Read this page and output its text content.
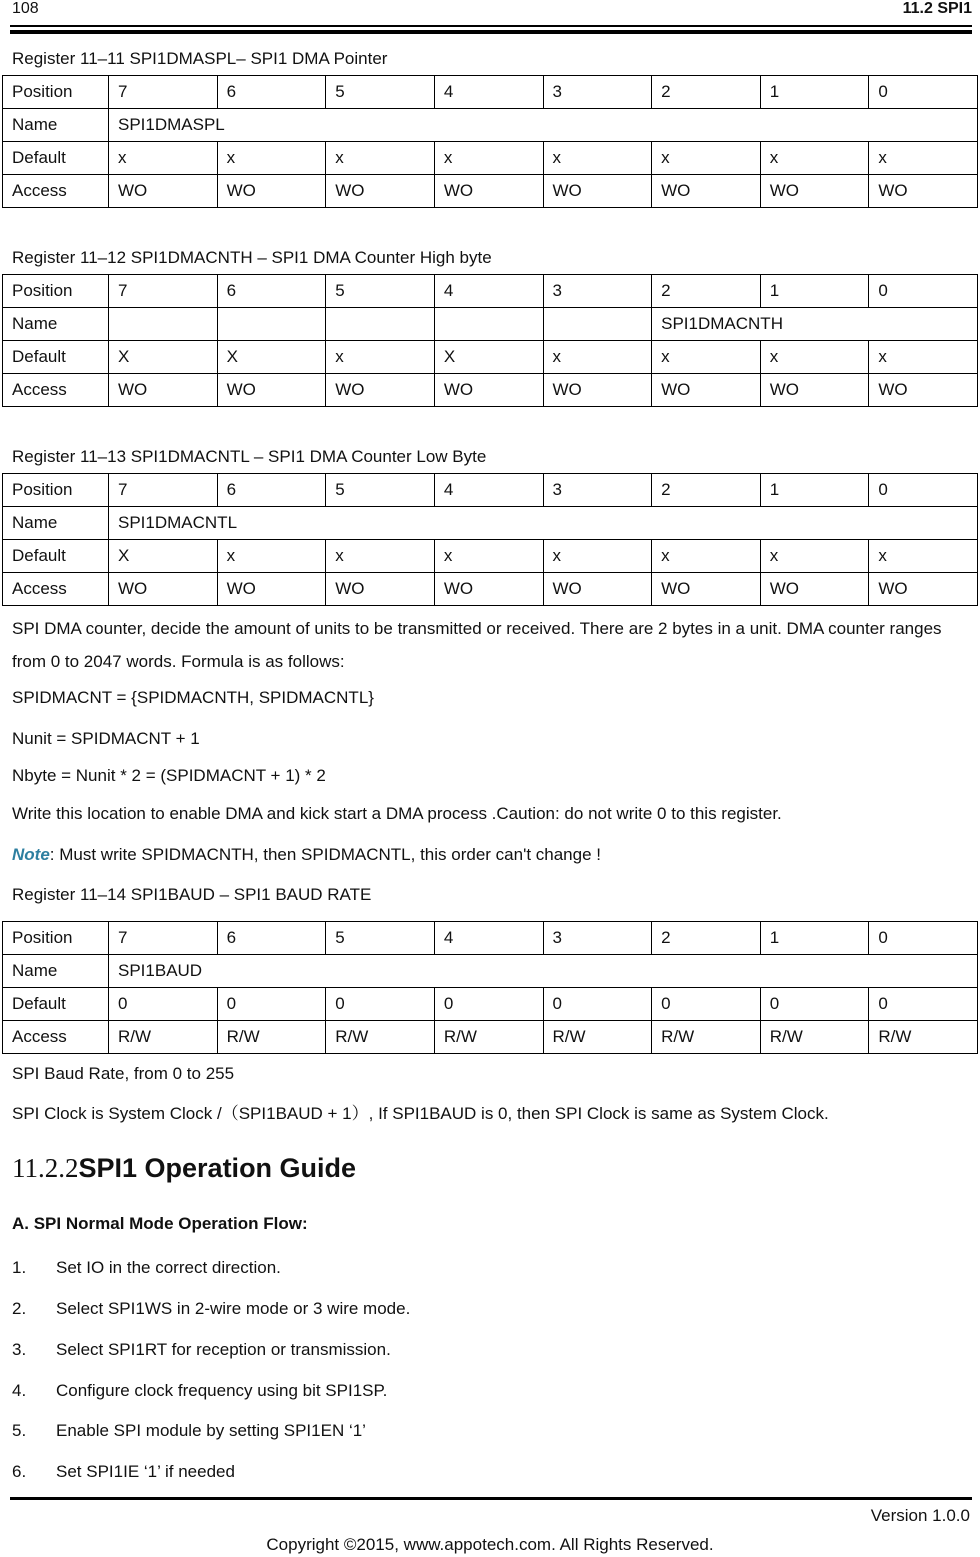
108	11.2 SPI1
Register 11–11 SPI1DMASPL– SPI1 DMA Pointer
Position	7	6	5	4	3	2	1	0
Name	SPI1DMASPL							
Default	x	x	x	x	x	x	x	x
Access	WO	WO	WO	WO	WO	WO	WO	WO
Register 11–12 SPI1DMACNTH – SPI1 DMA Counter High byte
Position	7	6	5	4	3	2	1	0
Name						SPI1DMACNTH		
Default	X	X	x	X	x	x	x	x
Access	WO	WO	WO	WO	WO	WO	WO	WO
Register 11–13 SPI1DMACNTL – SPI1 DMA Counter Low Byte
Position	7	6	5	4	3	2	1	0
Name	SPI1DMACNTL							
Default	X	x	x	x	x	x	x	x
Access	WO	WO	WO	WO	WO	WO	WO	WO
SPI DMA counter, decide the amount of units to be transmitted or received. There are 2 bytes in a unit. DMA counter ranges from 0 to 2047 words. Formula is as follows:
SPIDMACNT = {SPIDMACNTH, SPIDMACNTL}
Nunit = SPIDMACNT + 1
Nbyte = Nunit * 2 = (SPIDMACNT + 1) * 2
Write this location to enable DMA and kick start a DMA process .Caution: do not write 0 to this register.
Note: Must write SPIDMACNTH, then SPIDMACNTL, this order can't change !
Register 11–14 SPI1BAUD – SPI1 BAUD RATE
Position	7	6	5	4	3	2	1	0
Name	SPI1BAUD							
Default	0	0	0	0	0	0	0	0
Access	R/W	R/W	R/W	R/W	R/W	R/W	R/W	R/W
SPI Baud Rate, from 0 to 255
SPI Clock is System Clock /（SPI1BAUD + 1）, If SPI1BAUD is 0, then SPI Clock is same as System Clock.
11.2.2SPI1 Operation Guide
A. SPI Normal Mode Operation Flow:
1. Set IO in the correct direction.
2. Select SPI1WS in 2-wire mode or 3 wire mode.
3. Select SPI1RT for reception or transmission.
4. Configure clock frequency using bit SPI1SP.
5. Enable SPI module by setting SPI1EN ‘1’
6. Set SPI1IE ‘1’ if needed
Version 1.0.0
Copyright ©2015, www.appotech.com. All Rights Reserved.
